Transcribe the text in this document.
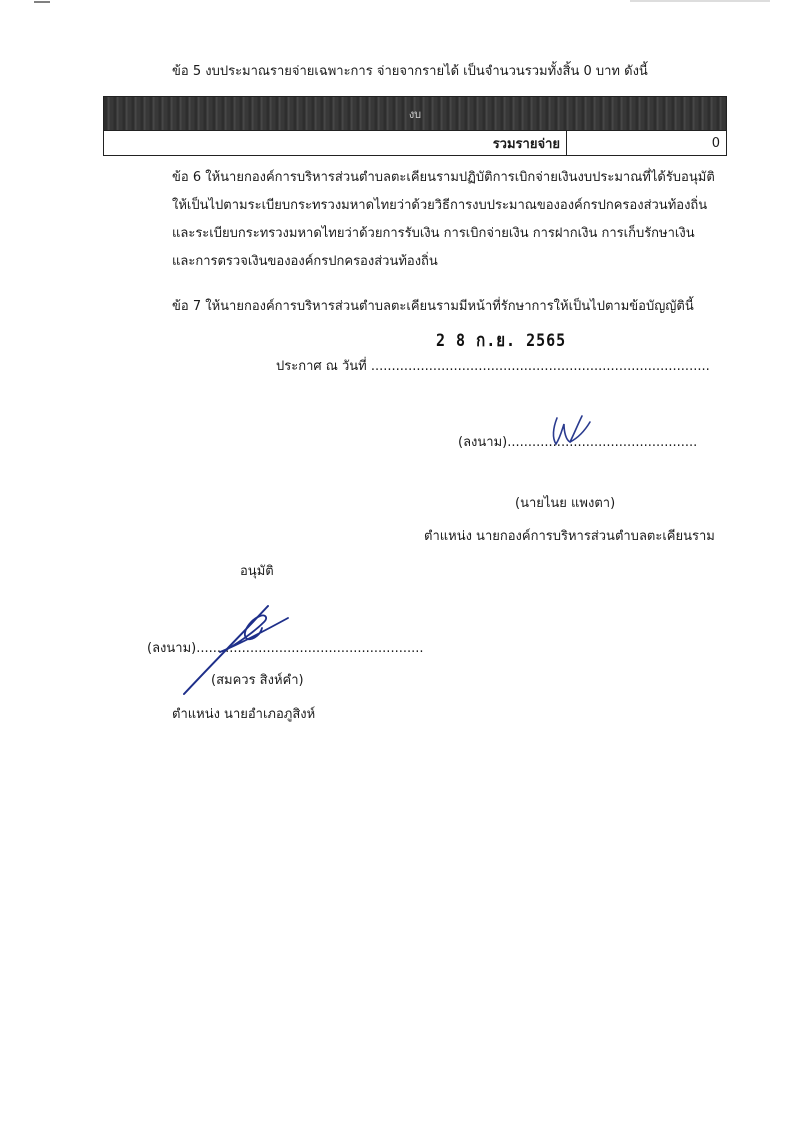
ข้อ 5 งบประมาณรายจ่ายเฉพาะการ จ่ายจากรายได้ เป็นจำนวนรวมทั้งสิ้น 0 บาท ดังนี้
งบ
รวมรายจ่าย	0
ข้อ 6 ให้นายกองค์การบริหารส่วนตำบลตะเคียนรามปฏิบัติการเบิกจ่ายเงินงบประมาณที่ได้รับอนุมัติ
ให้เป็นไปตามระเบียบกระทรวงมหาดไทยว่าด้วยวิธีการงบประมาณขององค์กรปกครองส่วนท้องถิ่น
และระเบียบกระทรวงมหาดไทยว่าด้วยการรับเงิน การเบิกจ่ายเงิน การฝากเงิน การเก็บรักษาเงิน
และการตรวจเงินขององค์กรปกครองส่วนท้องถิ่น
ข้อ 7 ให้นายกองค์การบริหารส่วนตำบลตะเคียนรามมีหน้าที่รักษาการให้เป็นไปตามข้อบัญญัตินี้
2 8 ก.ย. 2565
ประกาศ ณ วันที่ ..................................................................................
(ลงนาม)..............................................
(นายไนย แพงตา)
ตำแหน่ง นายกองค์การบริหารส่วนตำบลตะเคียนราม
อนุมัติ
(ลงนาม).......................................................
(สมควร สิงห์คำ)
ตำแหน่ง นายอำเภอภูสิงห์
